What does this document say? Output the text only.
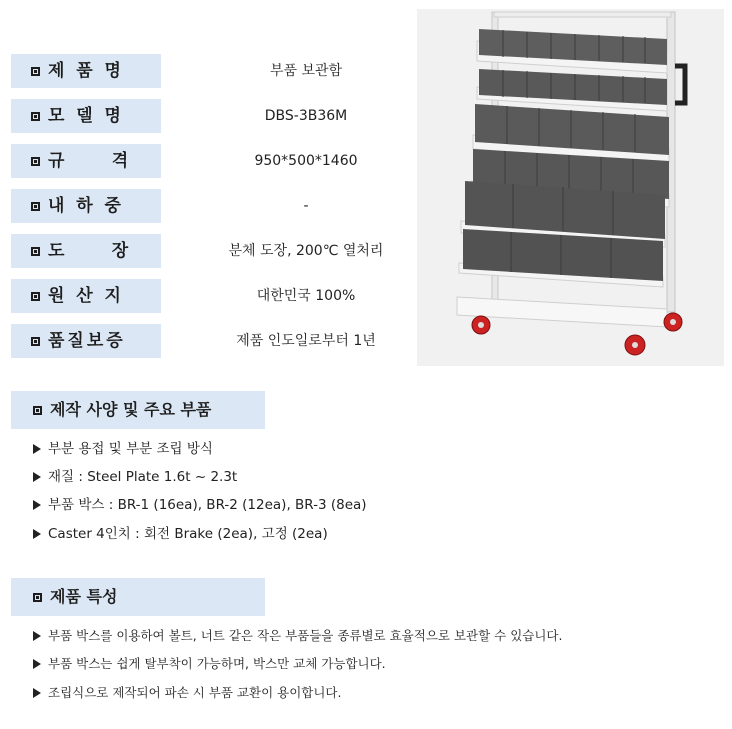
제  품  명	부품 보관함
모  델  명	DBS-3B36M
규        격	950*500*1460
내  하  중	-
도        장	분체 도장, 200℃ 열처리
원  산  지	대한민국 100%
품질보증	제품 인도일로부터 1년
제작 사양 및 주요 부품
부분 용접 및 부분 조립 방식
재질 : Steel Plate 1.6t ~ 2.3t
부품 박스 : BR-1 (16ea), BR-2 (12ea), BR-3 (8ea)
Caster 4인치 : 회전 Brake (2ea), 고정 (2ea)
제품 특성
부품 박스를 이용하여 볼트, 너트 같은 작은 부품들을 종류별로 효율적으로 보관할 수 있습니다.
부품 박스는 쉽게 탈부착이 가능하며, 박스만 교체 가능합니다.
조립식으로 제작되어 파손 시 부품 교환이 용이합니다.
